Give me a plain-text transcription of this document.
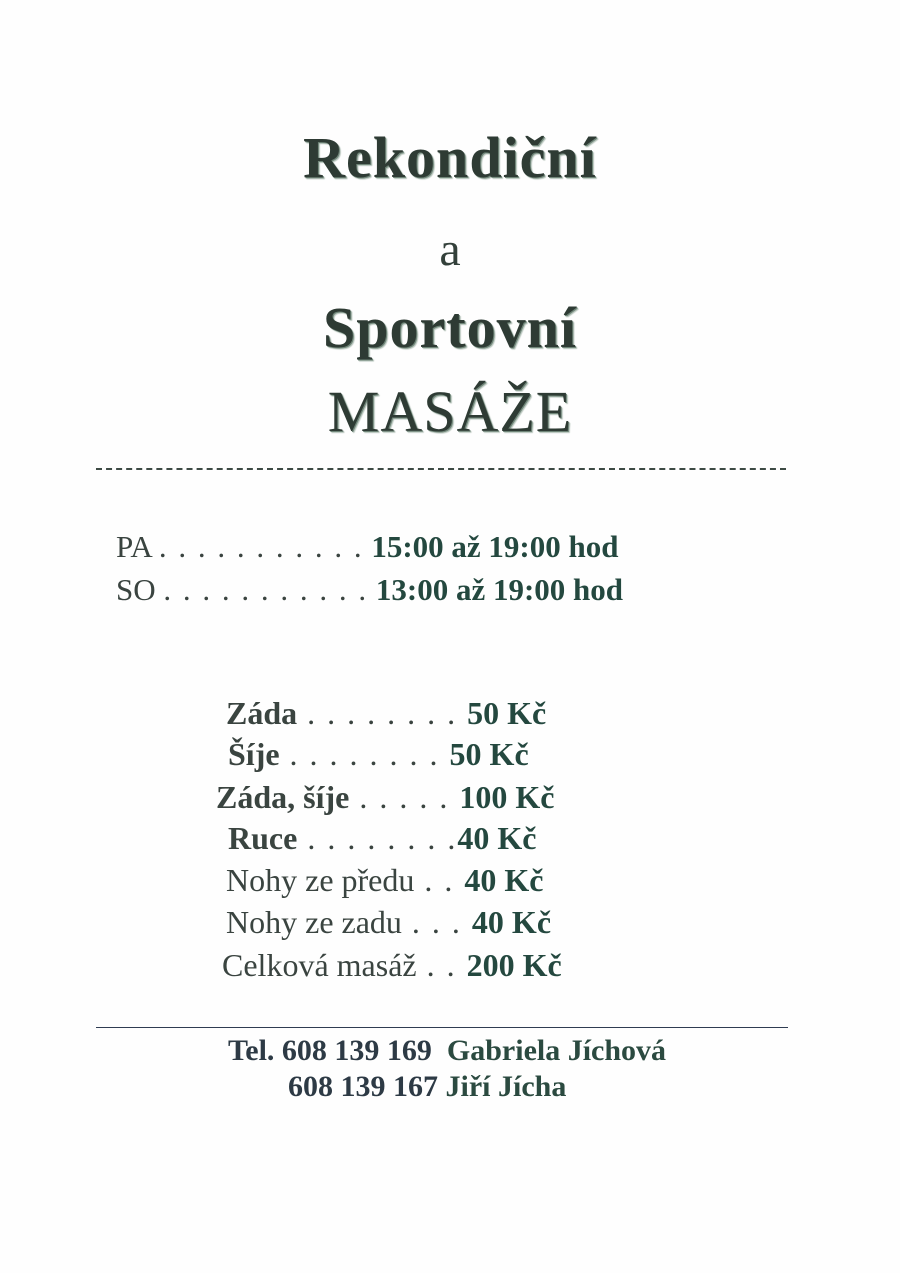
Rekondiční
a
Sportovní
MASÁŽE
PA . . . . . . . . . . . 15:00 až 19:00 hod
SO . . . . . . . . . . . 13:00 až 19:00 hod
Záda . . . . . . . . 50 Kč
Šíje . . . . . . . . 50 Kč
Záda, šíje . . . . . 100 Kč
Ruce . . . . . . . .40 Kč
Nohy ze předu . . 40 Kč
Nohy ze zadu . . . 40 Kč
Celková masáž . . 200 Kč
Tel. 608 139 169 Gabriela Jíchová
608 139 167 Jiří Jícha
